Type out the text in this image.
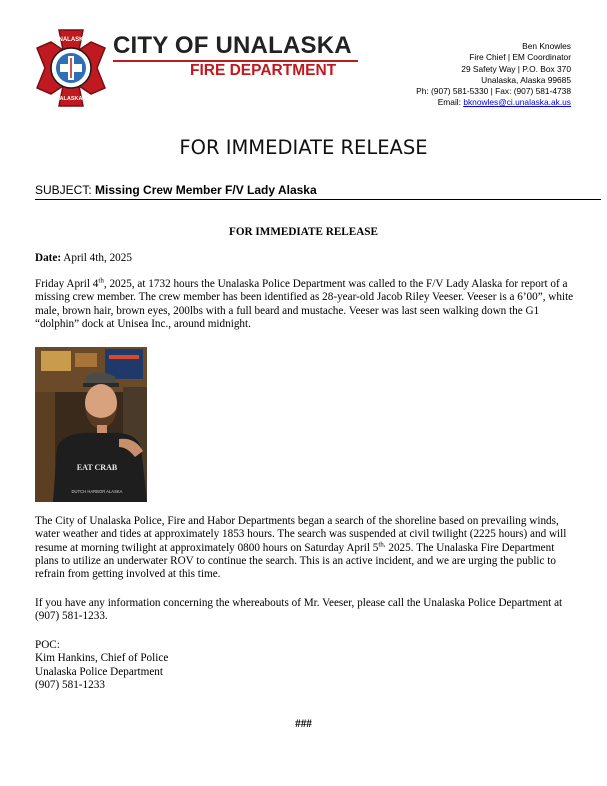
UNALASKA
ALASKA
CITY OF UNALASKA
FIRE DEPARTMENT
Ben Knowles
Fire Chief | EM Coordinator
29 Safety Way | P.O. Box 370
Unalaska, Alaska 99685
Ph: (907) 581-5330 | Fax: (907) 581-4738
Email: bknowles@ci.unalaska.ak.us
FOR IMMEDIATE RELEASE
SUBJECT: Missing Crew Member F/V Lady Alaska
FOR IMMEDIATE RELEASE
Date: April 4th, 2025
Friday April 4th, 2025, at 1732 hours the Unalaska Police Department was called to the F/V Lady Alaska for report of a missing crew member. The crew member has been identified as 28-year-old Jacob Riley Veeser. Veeser is a 6’00”, white male, brown hair, brown eyes, 200lbs with a full beard and mustache. Veeser was last seen walking down the G1 “dolphin” dock at Unisea Inc., around midnight.
EAT CRAB
DUTCH HARBOR ALASKA
The City of Unalaska Police, Fire and Habor Departments began a search of the shoreline based on prevailing winds, water weather and tides at approximately 1853 hours. The search was suspended at civil twilight (2225 hours) and will resume at morning twilight at approximately 0800 hours on Saturday April $5^{th,}$ 2025. The Unalaska Fire Department plans to utilize an underwater ROV to continue the search. This is an active incident, and we are urging the public to refrain from getting involved at this time.
If you have any information concerning the whereabouts of Mr. Veeser, please call the Unalaska Police Department at (907) 581-1233.
POC:
Kim Hankins, Chief of Police
Unalaska Police Department
(907) 581-1233
###
